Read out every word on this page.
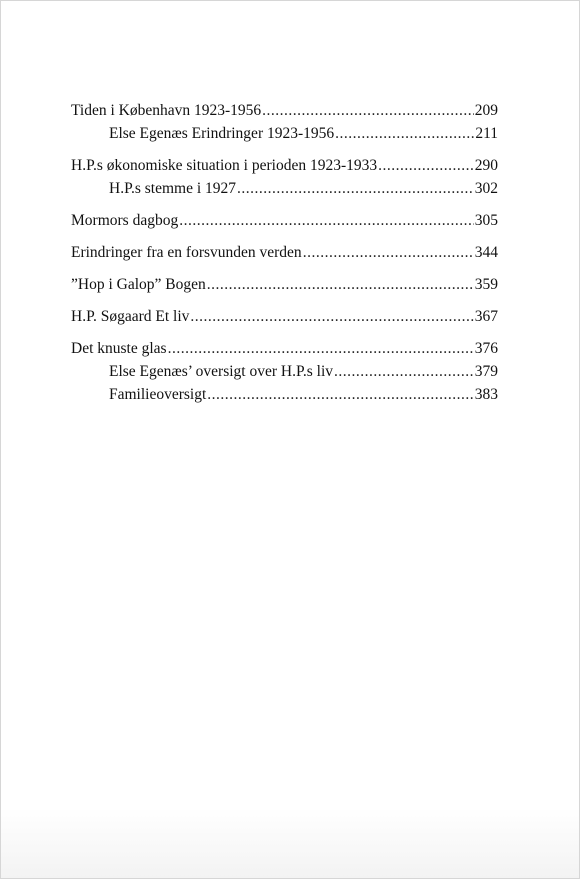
Tiden i København 1923-1956 .....	209
Else Egenæs Erindringer 1923-1956 .....	211
H.P.s økonomiske situation i perioden 1923-1933 .....	290
H.P.s stemme i 1927 .....	302
Mormors dagbog .....	305
Erindringer fra en forsvunden verden .....	344
”Hop i Galop” Bogen .....	359
H.P. Søgaard Et liv .....	367
Det knuste glas .....	376
Else Egenæs’ oversigt over H.P.s liv .....	379
Familieoversigt .....	383
